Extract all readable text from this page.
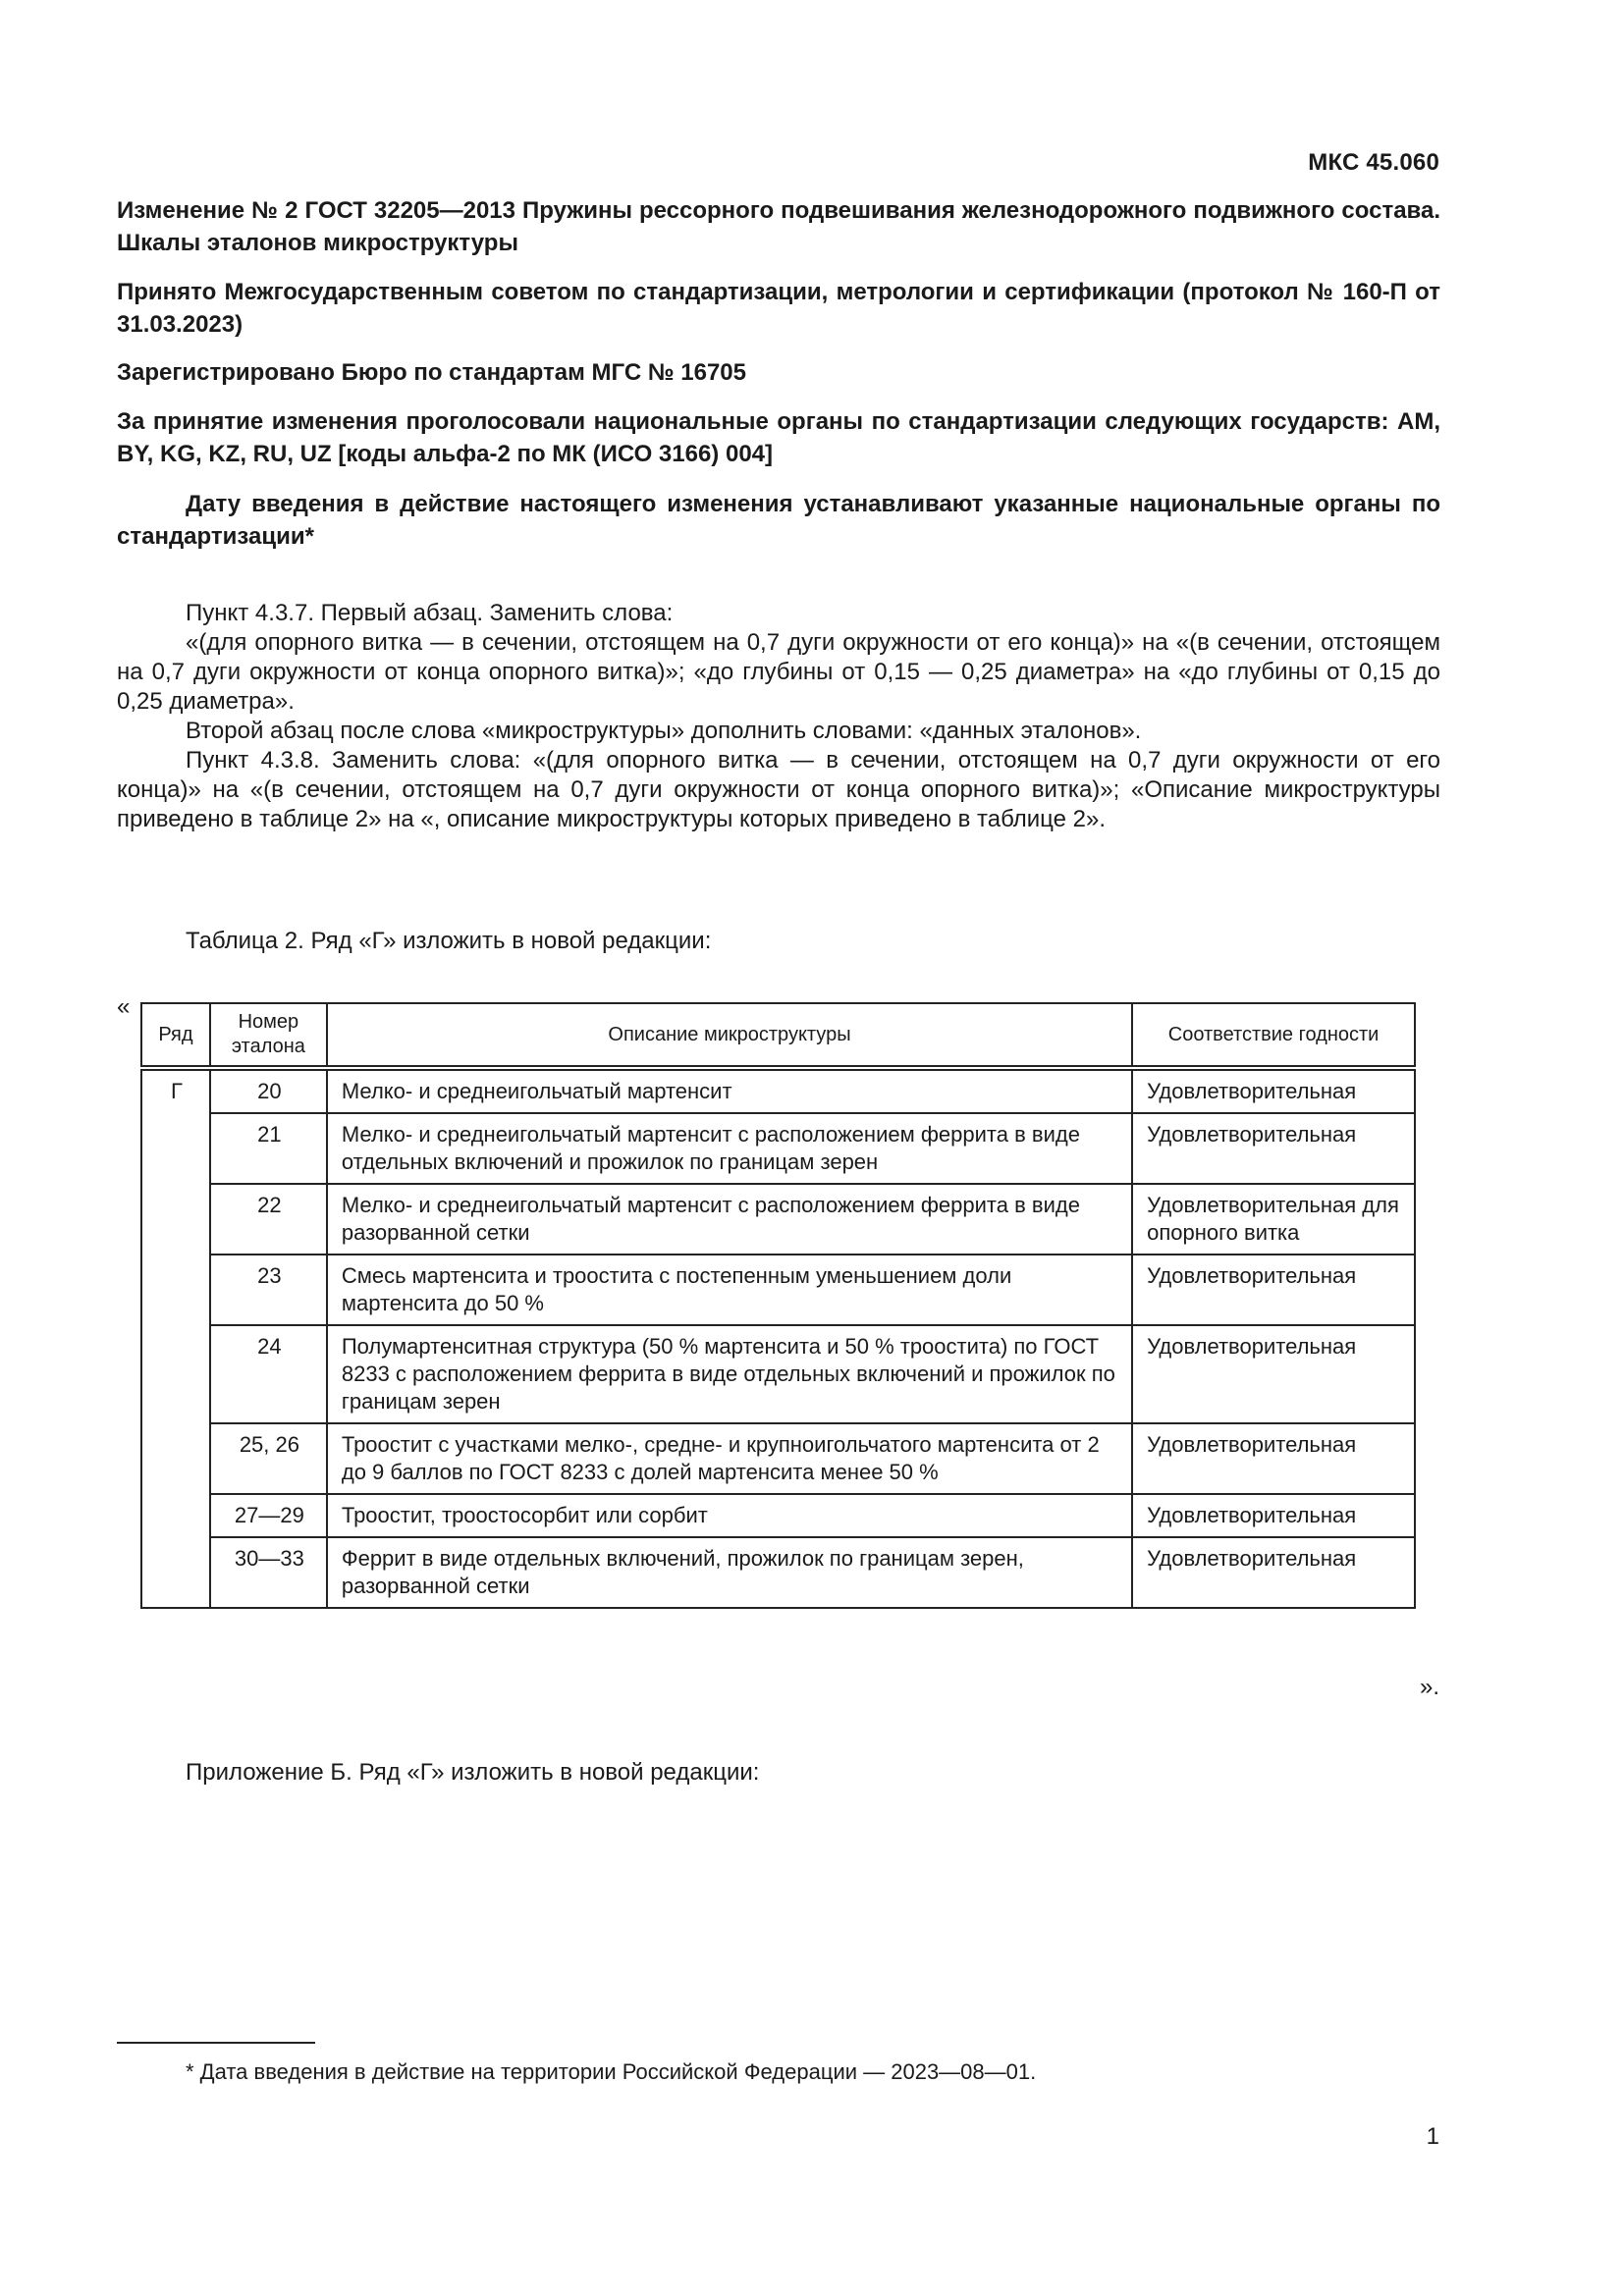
МКС 45.060
Изменение № 2 ГОСТ 32205—2013 Пружины рессорного подвешивания железнодорожного подвижного состава. Шкалы эталонов микроструктуры
Принято Межгосударственным советом по стандартизации, метрологии и сертификации (протокол № 160-П от 31.03.2023)
Зарегистрировано Бюро по стандартам МГС № 16705
За принятие изменения проголосовали национальные органы по стандартизации следующих государств: AM, BY, KG, KZ, RU, UZ [коды альфа-2 по МК (ИСО 3166) 004]
Дату введения в действие настоящего изменения устанавливают указанные национальные органы по стандартизации*

Пункт 4.3.7. Первый абзац. Заменить слова:

«(для опорного витка — в сечении, отстоящем на 0,7 дуги окружности от его конца)» на «(в сечении, отстоящем на 0,7 дуги окружности от конца опорного витка)»; «до глубины от 0,15 — 0,25 диаметра» на «до глубины от 0,15 до 0,25 диаметра».

Второй абзац после слова «микроструктуры» дополнить словами: «данных эталонов».

Пункт 4.3.8. Заменить слова: «(для опорного витка — в сечении, отстоящем на 0,7 дуги окружности от его конца)» на «(в сечении, отстоящем на 0,7 дуги окружности от конца опорного витка)»; «Описание микроструктуры приведено в таблице 2» на «, описание микроструктуры которых приведено в таблице 2».

Таблица 2. Ряд «Г» изложить в новой редакции:
«
Ряд	Номер эталона	Описание микроструктуры	Соответствие годности
Г	20	Мелко- и среднеигольчатый мартенсит	Удовлетворительная
	21	Мелко- и среднеигольчатый мартенсит с расположением феррита в виде отдельных включений и прожилок по границам зерен	Удовлетворительная
	22	Мелко- и среднеигольчатый мартенсит с расположением феррита в виде разорванной сетки	Удовлетворительная для опорного витка
	23	Смесь мартенсита и троостита с постепенным уменьшением доли мартенсита до 50 %	Удовлетворительная
	24	Полумартенситная структура (50 % мартенсита и 50 % троостита) по ГОСТ 8233 с расположением феррита в виде отдельных включений и прожилок по границам зерен	Удовлетворительная
	25, 26	Троостит с участками мелко-, средне- и крупноигольчатого мартенсита от 2 до 9 баллов по ГОСТ 8233 с долей мартенсита менее 50 %	Удовлетворительная
	27—29	Троостит, троостосорбит или сорбит	Удовлетворительная
	30—33	Феррит в виде отдельных включений, прожилок по границам зерен, разорванной сетки	Удовлетворительная
».
Приложение Б. Ряд «Г» изложить в новой редакции:
* Дата введения в действие на территории Российской Федерации — 2023—08—01.
1
